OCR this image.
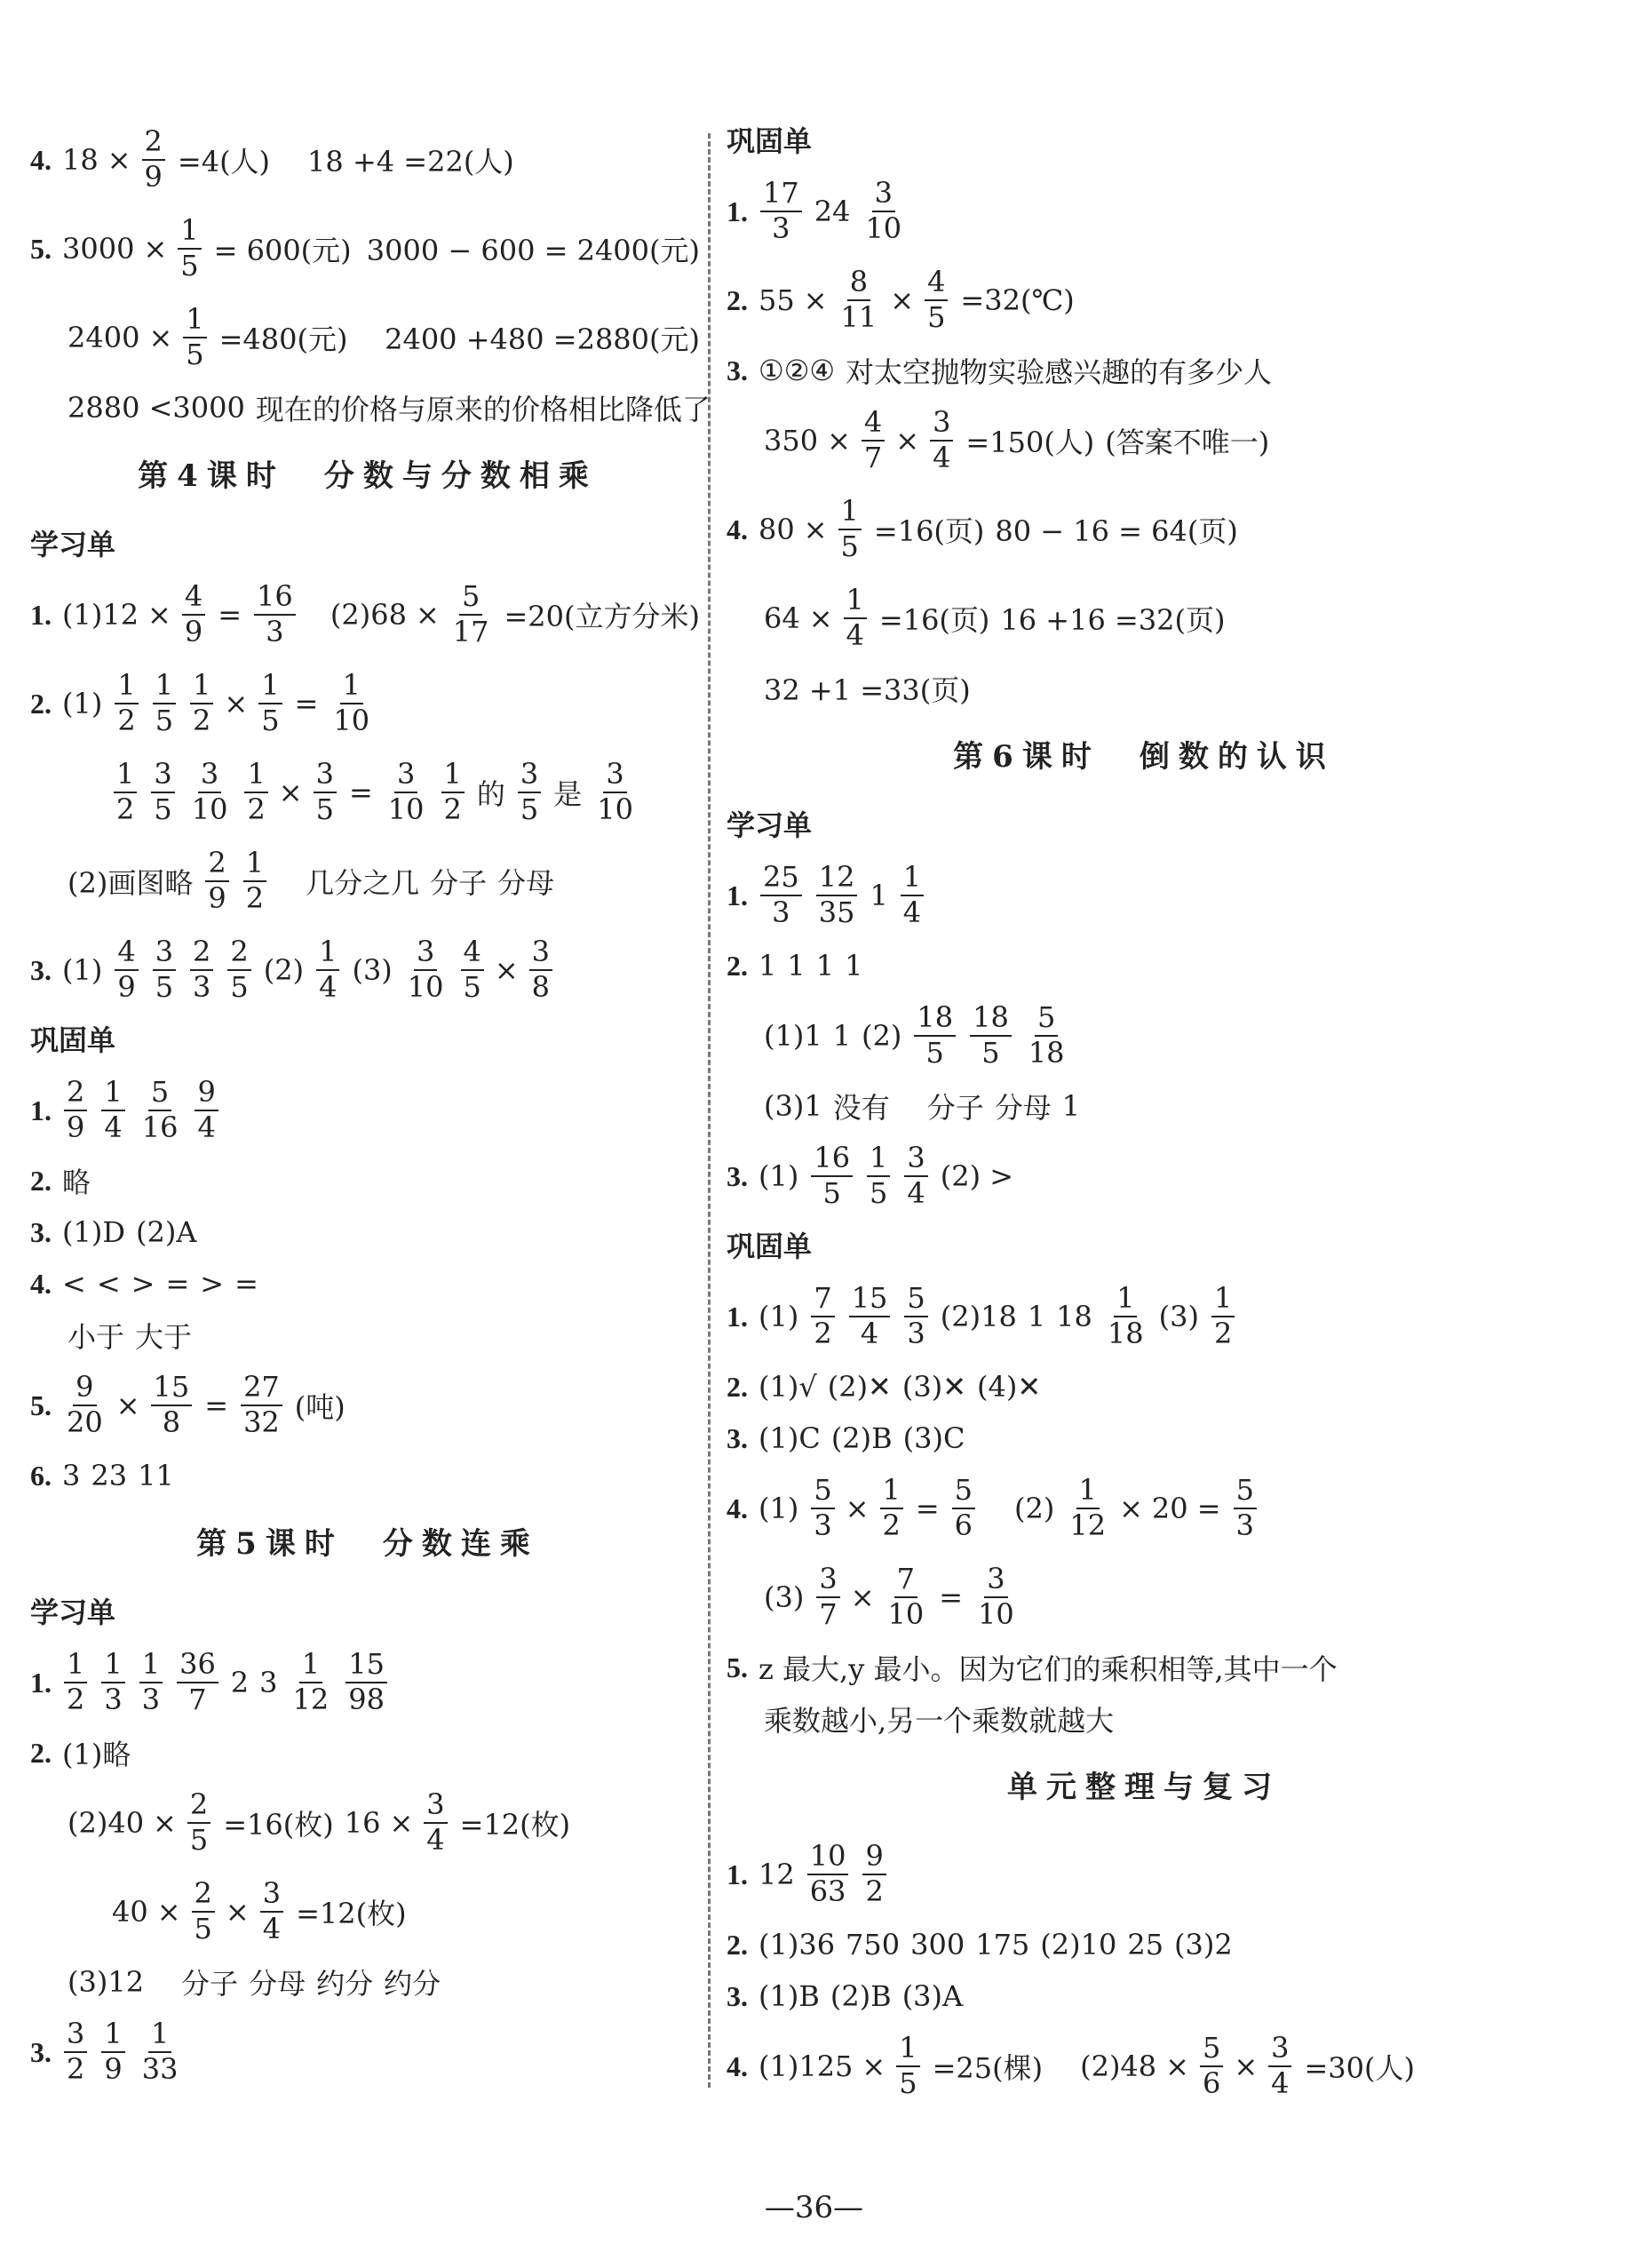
4. $18 \times \frac{2}{9} =4$(人) 18 +4 =22(人)
5. $3000 \times \frac{1}{5} = 600$(元) 3000 − 600 = 2400(元)
$2400 \times \frac{1}{5} =480$(元) 2400 +480 =2880(元)
2880 <3000 现在的价格与原来的价格相比降低了
第4课时　分数与分数相乘
学习单
1. $(1)12 \times \frac{4}{9} = \frac{16}{3} (2)68 \times \frac{5}{17} =20$(立方分米)
2. $(1) \frac{1}{2} \frac{1}{5} \frac{1}{2} \times \frac{1}{5} = \frac{1}{10}$
$\frac{1}{2} \frac{3}{5} \frac{3}{10} \frac{1}{2} \times \frac{3}{5} = \frac{3}{10} \frac{1}{2}$ 的 $\frac{3}{5}$ 是 $\frac{3}{10}$
(2)画图略 $\frac{2}{9} \frac{1}{2}$ 几分之几 分子 分母
3. $(1) \frac{4}{9} \frac{3}{5} \frac{2}{3} \frac{2}{5} (2) \frac{1}{4} (3) \frac{3}{10} \frac{4}{5} \times \frac{3}{8}$
巩固单
1. $\frac{2}{9} \frac{1}{4} \frac{5}{16} \frac{9}{4}$
2. 略
3. (1)D (2)A
4. < < > = > =
小于 大于
5. $\frac{9}{20} \times \frac{15}{8} = \frac{27}{32}$ (吨)
6. 3 23 11
第5课时　分数连乘
学习单
1. $\frac{1}{2} \frac{1}{3} \frac{1}{3} \frac{36}{7} 2$ $3 \frac{1}{12} \frac{15}{98}$
2. (1)略
$(2)40 \times \frac{2}{5} =16$(枚) $16 \times \frac{3}{4} =12$(枚)
$40 \times \frac{2}{5} \times \frac{3}{4} =12$(枚)
(3)12 分子 分母 约分 约分
3. $\frac{3}{2} \frac{1}{9} \frac{1}{33}$
巩固单
1. $\frac{17}{3} 24 \frac{3}{10}$
2. $55 \times \frac{8}{11} \times \frac{4}{5}$ =32(℃)
3. ①②④ 对太空抛物实验感兴趣的有多少人
$350 \times \frac{4}{7} \times \frac{3}{4} =150$(人) (答案不唯一)
4. $80 \times \frac{1}{5} =16$(页) 80 − 16 = 64(页)
$64 \times \frac{1}{4} =16$(页) 16 +16 =32(页)
32 +1 =33(页)
第6课时　倒数的认识
学习单
1. $\frac{25}{3} \frac{12}{35} 1 \frac{1}{4}$
2. 1 1 1 1
(1)1 1 $(2) \frac{18}{5} \frac{18}{5} \frac{5}{18}$
(3)1 没有 分子 分母 1
3. $(1) \frac{16}{5} \frac{1}{5} \frac{3}{4} (2)$ >
巩固单
1. $(1) \frac{7}{2} \frac{15}{4} \frac{5}{3} (2)18$ 1 $18 \frac{1}{18} (3) \frac{1}{2}$
2. (1)√ (2)✕ (3)✕ (4)✕
3. (1)C (2)B (3)C
4. $(1) \frac{5}{3} \times \frac{1}{2} = \frac{5}{6} (2) \frac{1}{12} \times 20 = \frac{5}{3}$
$(3) \frac{3}{7} \times \frac{7}{10} = \frac{3}{10}$
5. z 最大,y 最小。因为它们的乘积相等,其中一个
乘数越小,另一个乘数就越大
单元整理与复习
1. $12 \frac{10}{63} \frac{9}{2}$
2. (1)36 750 300 175 (2)10 25 (3)2
3. (1)B (2)B (3)A
4. $(1)125 \times \frac{1}{5} =25$(棵) $(2)48 \times \frac{5}{6} \times \frac{3}{4} =30$(人)
—36—
